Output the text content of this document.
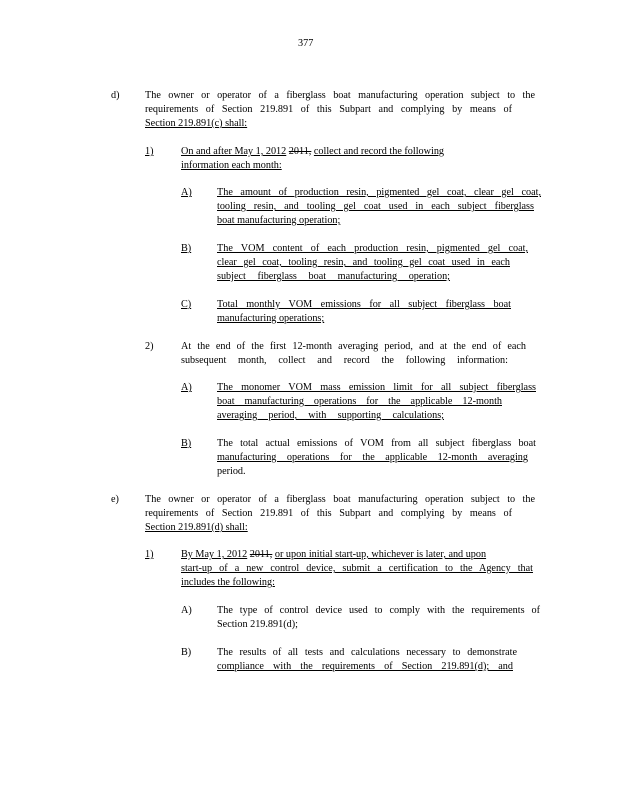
377
d)	The owner or operator of a fiberglass boat manufacturing operation subject to the
requirements of Section 219.891 of this Subpart and complying by means of
Section 219.891(c) shall:
1)	On and after May 1, 2012 2011, collect and record the following
information each month:
A) The amount of production resin, pigmented gel coat, clear gel coat,
tooling resin, and tooling gel coat used in each subject fiberglass
boat manufacturing operation;
B)	The VOM content of each production resin, pigmented gel coat,
clear gel coat, tooling resin, and tooling gel coat used in each
subject fiberglass boat manufacturing operation;
C)	Total monthly VOM emissions for all subject fiberglass boat
manufacturing operations;
2)	At the end of the first 12-month averaging period, and at the end of each
subsequent month, collect and record the following information:
A) The monomer VOM mass emission limit for all subject fiberglass
boat manufacturing operations for the applicable 12-month
averaging period, with supporting calculations;
B)	The total actual emissions of VOM from all subject fiberglass boat
manufacturing operations for the applicable 12-month averaging
period.
e)	The owner or operator of a fiberglass boat manufacturing operation subject to the
requirements of Section 219.891 of this Subpart and complying by means of
Section 219.891(d) shall:
1)	By May 1, 2012 2011, or upon initial start-up, whichever is later, and upon
start-up of a new control device, submit a certification to the Agency that
includes the following:
A) The type of control device used to comply with the requirements of
Section 219.891(d);
B)	The results of all tests and calculations necessary to demonstrate
compliance with the requirements of Section 219.891(d); and
